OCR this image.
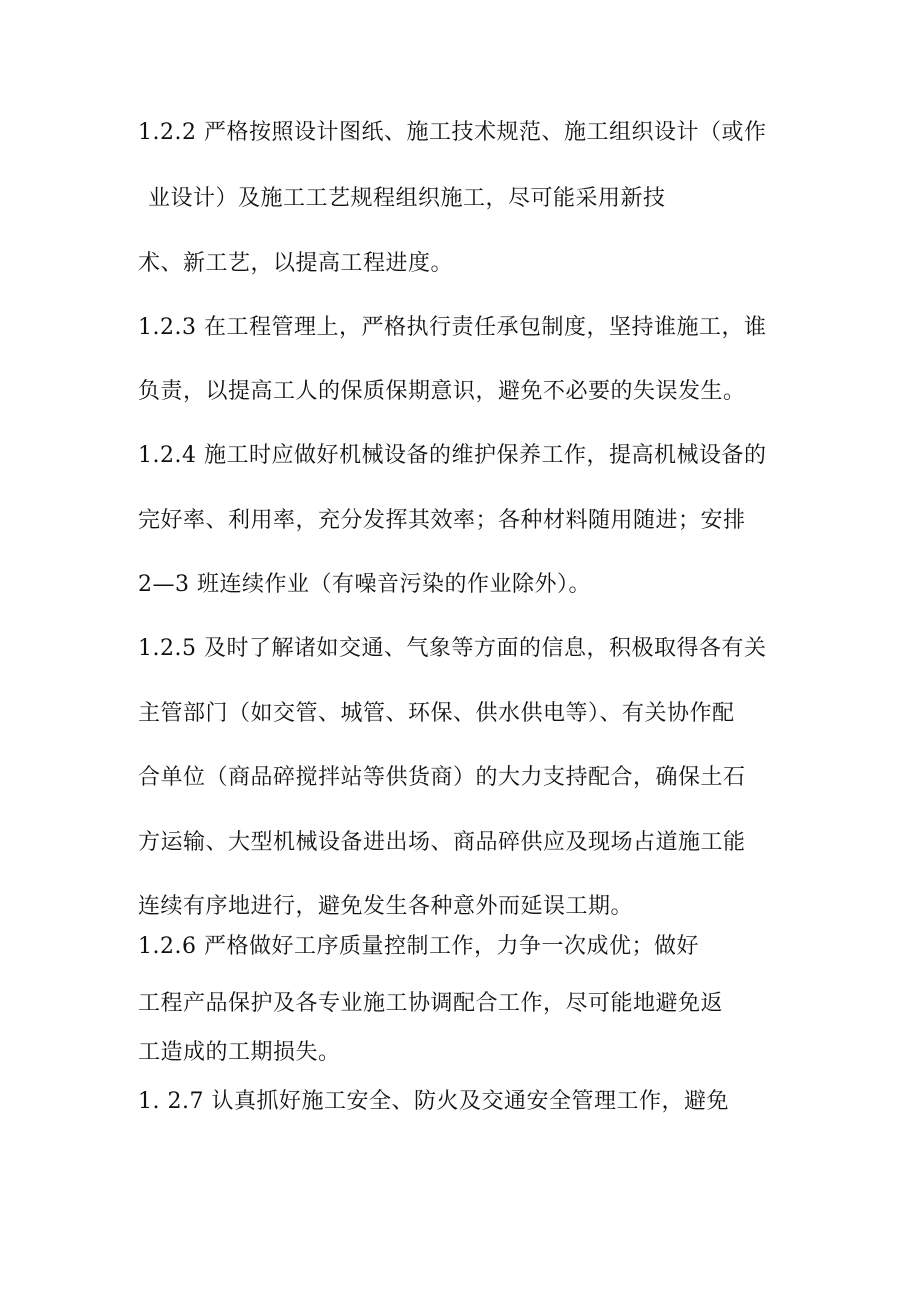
1.2.2 严格按照设计图纸、施工技术规范、施工组织设计（或作

业设计）及施工工艺规程组织施工，尽可能采用新技

术、新工艺，以提高工程进度。

1.2.3 在工程管理上，严格执行责任承包制度，坚持谁施工，谁

负责，以提高工人的保质保期意识，避免不必要的失误发生。

1.2.4 施工时应做好机械设备的维护保养工作，提高机械设备的

完好率、利用率，充分发挥其效率；各种材料随用随进；安排

2—3 班连续作业（有噪音污染的作业除外）。

1.2.5 及时了解诸如交通、气象等方面的信息，积极取得各有关

主管部门（如交管、城管、环保、供水供电等）、有关协作配

合单位（商品碎搅拌站等供货商）的大力支持配合，确保土石

方运输、大型机械设备进出场、商品碎供应及现场占道施工能

连续有序地进行，避免发生各种意外而延误工期。

1.2.6 严格做好工序质量控制工作，力争一次成优；做好

工程产品保护及各专业施工协调配合工作，尽可能地避免返

工造成的工期损失。

1. 2.7 认真抓好施工安全、防火及交通安全管理工作，避免
